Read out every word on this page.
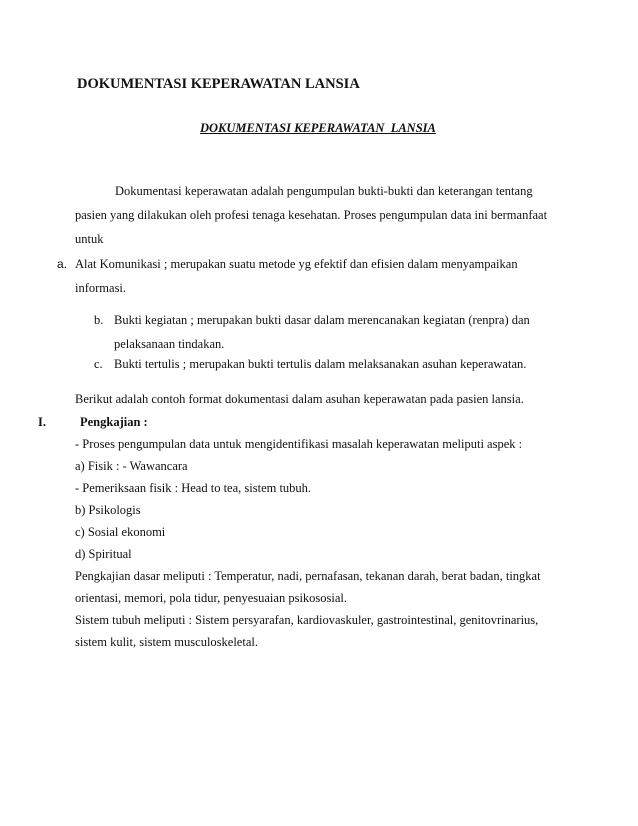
DOKUMENTASI KEPERAWATAN LANSIA
DOKUMENTASI KEPERAWATAN  LANSIA
Dokumentasi keperawatan adalah pengumpulan bukti-bukti dan keterangan tentang
pasien yang dilakukan oleh profesi tenaga kesehatan. Proses pengumpulan data ini bermanfaat
untuk
a. Alat Komunikasi ; merupakan suatu metode yg efektif dan efisien dalam menyampaikan
informasi.
b. Bukti kegiatan ; merupakan bukti dasar dalam merencanakan kegiatan (renpra) dan
pelaksanaan tindakan.
c. Bukti tertulis ; merupakan bukti tertulis dalam melaksanakan asuhan keperawatan.
Berikut adalah contoh format dokumentasi dalam asuhan keperawatan pada pasien lansia.
I.	Pengkajian :
- Proses pengumpulan data untuk mengidentifikasi masalah keperawatan meliputi aspek :
a) Fisik : - Wawancara
- Pemeriksaan fisik : Head to tea, sistem tubuh.
b) Psikologis
c) Sosial ekonomi
d) Spiritual
Pengkajian dasar meliputi : Temperatur, nadi, pernafasan, tekanan darah, berat badan, tingkat
orientasi, memori, pola tidur, penyesuaian psikososial.
Sistem tubuh meliputi : Sistem persyarafan, kardiovaskuler, gastrointestinal, genitovrinarius,
sistem kulit, sistem musculoskeletal.
